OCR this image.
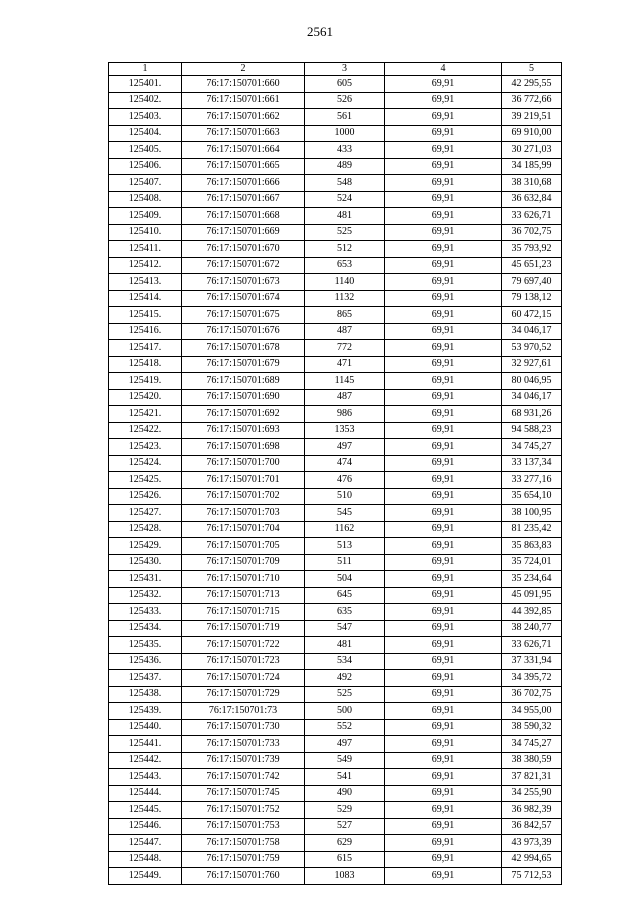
2561
1	2	3	4	5
125401.	76:17:150701:660	605	69,91	42 295,55
125402.	76:17:150701:661	526	69,91	36 772,66
125403.	76:17:150701:662	561	69,91	39 219,51
125404.	76:17:150701:663	1000	69,91	69 910,00
125405.	76:17:150701:664	433	69,91	30 271,03
125406.	76:17:150701:665	489	69,91	34 185,99
125407.	76:17:150701:666	548	69,91	38 310,68
125408.	76:17:150701:667	524	69,91	36 632,84
125409.	76:17:150701:668	481	69,91	33 626,71
125410.	76:17:150701:669	525	69,91	36 702,75
125411.	76:17:150701:670	512	69,91	35 793,92
125412.	76:17:150701:672	653	69,91	45 651,23
125413.	76:17:150701:673	1140	69,91	79 697,40
125414.	76:17:150701:674	1132	69,91	79 138,12
125415.	76:17:150701:675	865	69,91	60 472,15
125416.	76:17:150701:676	487	69,91	34 046,17
125417.	76:17:150701:678	772	69,91	53 970,52
125418.	76:17:150701:679	471	69,91	32 927,61
125419.	76:17:150701:689	1145	69,91	80 046,95
125420.	76:17:150701:690	487	69,91	34 046,17
125421.	76:17:150701:692	986	69,91	68 931,26
125422.	76:17:150701:693	1353	69,91	94 588,23
125423.	76:17:150701:698	497	69,91	34 745,27
125424.	76:17:150701:700	474	69,91	33 137,34
125425.	76:17:150701:701	476	69,91	33 277,16
125426.	76:17:150701:702	510	69,91	35 654,10
125427.	76:17:150701:703	545	69,91	38 100,95
125428.	76:17:150701:704	1162	69,91	81 235,42
125429.	76:17:150701:705	513	69,91	35 863,83
125430.	76:17:150701:709	511	69,91	35 724,01
125431.	76:17:150701:710	504	69,91	35 234,64
125432.	76:17:150701:713	645	69,91	45 091,95
125433.	76:17:150701:715	635	69,91	44 392,85
125434.	76:17:150701:719	547	69,91	38 240,77
125435.	76:17:150701:722	481	69,91	33 626,71
125436.	76:17:150701:723	534	69,91	37 331,94
125437.	76:17:150701:724	492	69,91	34 395,72
125438.	76:17:150701:729	525	69,91	36 702,75
125439.	76:17:150701:73	500	69,91	34 955,00
125440.	76:17:150701:730	552	69,91	38 590,32
125441.	76:17:150701:733	497	69,91	34 745,27
125442.	76:17:150701:739	549	69,91	38 380,59
125443.	76:17:150701:742	541	69,91	37 821,31
125444.	76:17:150701:745	490	69,91	34 255,90
125445.	76:17:150701:752	529	69,91	36 982,39
125446.	76:17:150701:753	527	69,91	36 842,57
125447.	76:17:150701:758	629	69,91	43 973,39
125448.	76:17:150701:759	615	69,91	42 994,65
125449.	76:17:150701:760	1083	69,91	75 712,53
